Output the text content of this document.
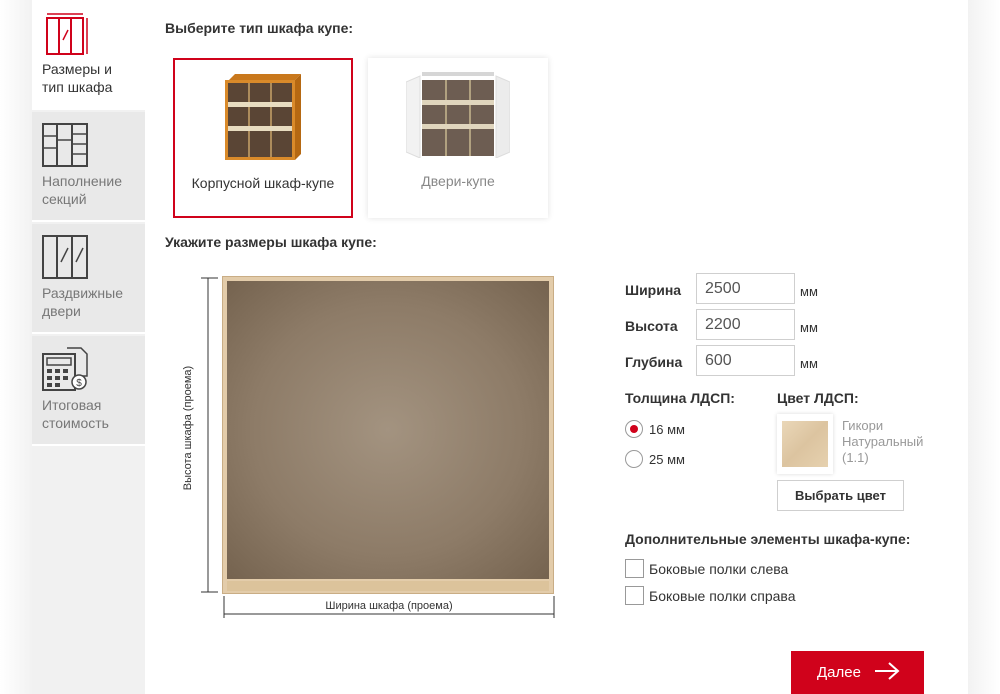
Размеры и тип шкафа
Наполнение секций
Раздвижные двери
$
Итоговая стоимость
Выберите тип шкафа купе:
Корпусной шкаф-купе	Двери-купе
Укажите размеры шкафа купе:
Высота шкафа (проема)
Ширина шкафа (проема)
Ширина
2500	мм
Высота
2200	мм
Глубина
600	мм
Толщина ЛДСП:
16 мм
25 мм
Цвет ЛДСП:
Гикори
Натуральный
(1.1)
Выбрать цвет
Дополнительные элементы шкафа-купе:
Боковые полки слева
Боковые полки справа
Далее
